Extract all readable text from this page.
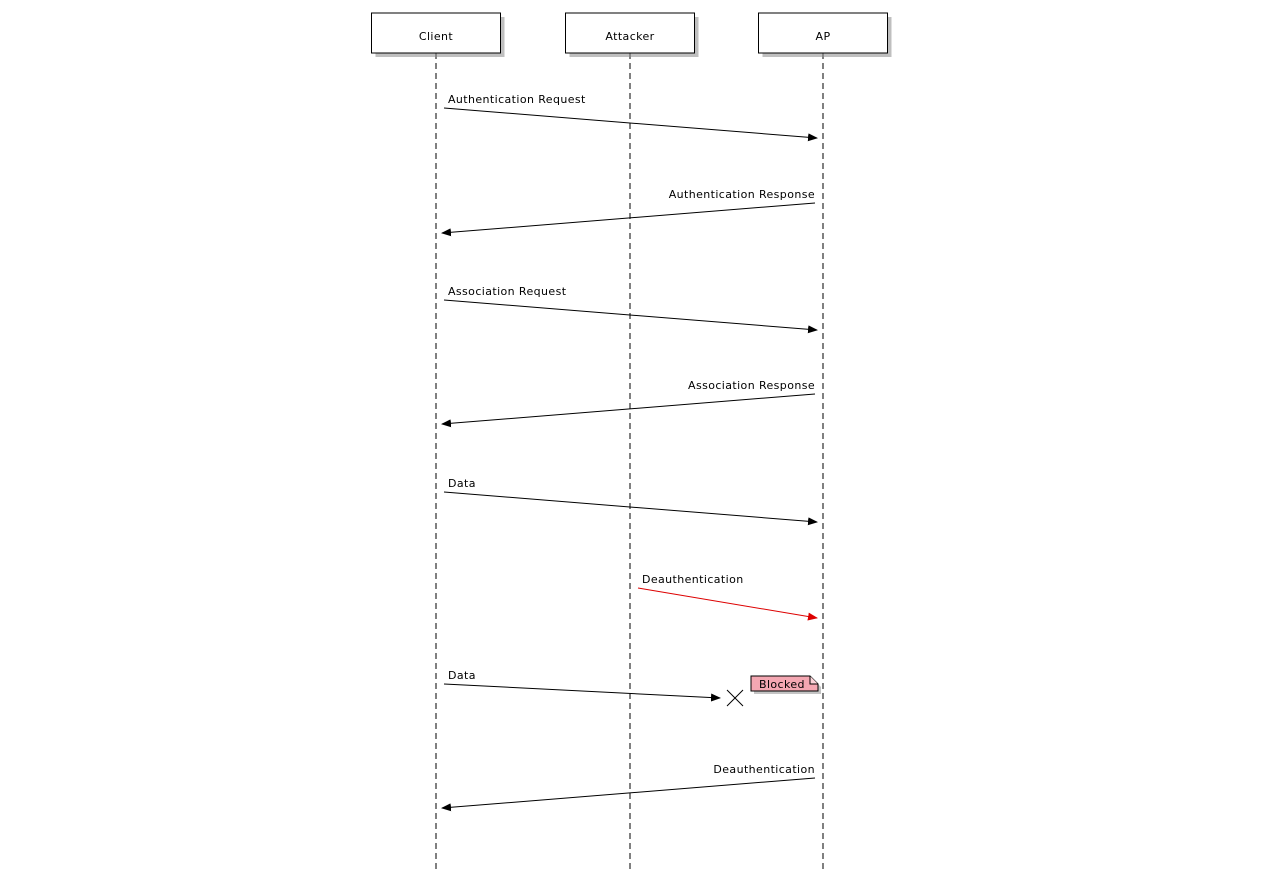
Client	Attacker	AP
Authentication Request
Authentication Response
Association Request
Association Response
Data
Deauthentication
Data
Deauthentication
Blocked
